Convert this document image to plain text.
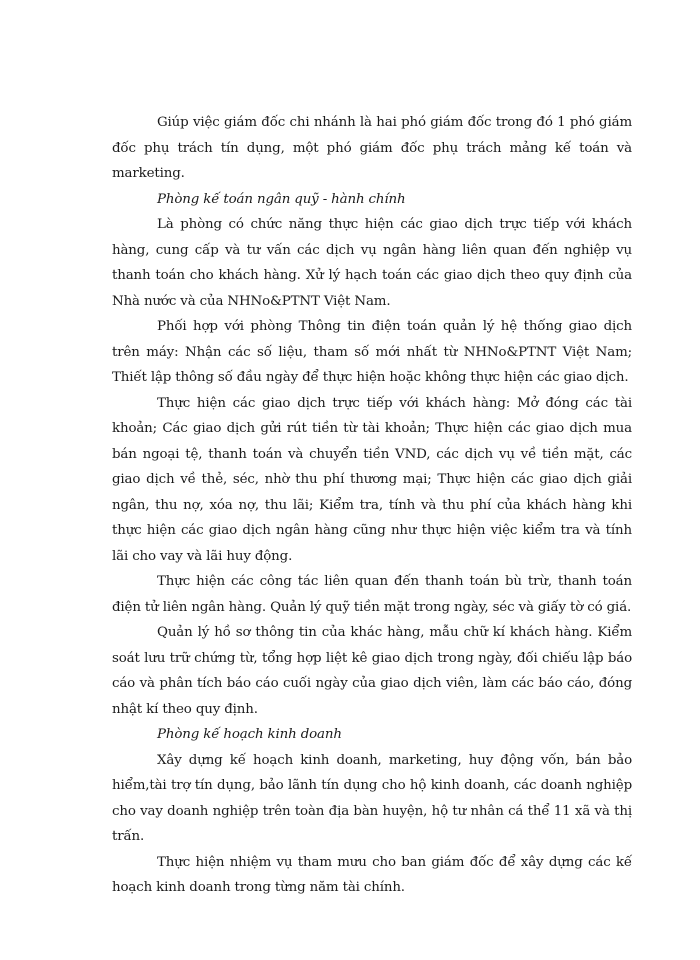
Giúp việc giám đốc chi nhánh là hai phó giám đốc trong đó 1 phó giám đốc phụ trách tín dụng, một phó giám đốc phụ trách mảng kế toán và marketing.

Phòng kế toán ngân quỹ - hành chính

Là phòng có chức năng thực hiện các giao dịch trực tiếp với khách hàng, cung cấp và tư vấn các dịch vụ ngân hàng liên quan đến nghiệp vụ thanh toán cho khách hàng. Xử lý hạch toán các giao dịch theo quy định của Nhà nước và của NHNo&PTNT Việt Nam.

Phối hợp với phòng Thông tin điện toán quản lý hệ thống giao dịch trên máy: Nhận các số liệu, tham số mới nhất từ NHNo&PTNT Việt Nam; Thiết lập thông số đầu ngày để thực hiện hoặc không thực hiện các giao dịch.

Thực hiện các giao dịch trực tiếp với khách hàng: Mở đóng các tài khoản; Các giao dịch gửi rút tiền từ tài khoản; Thực hiện các giao dịch mua bán ngoại tệ, thanh toán và chuyển tiền VND, các dịch vụ về tiền mặt, các giao dịch về thẻ, séc, nhờ thu phí thương mại; Thực hiện các giao dịch giải ngân, thu nợ, xóa nợ, thu lãi; Kiểm tra, tính và thu phí của khách hàng khi thực hiện các giao dịch ngân hàng cũng như thực hiện việc kiểm tra và tính lãi cho vay và lãi huy động.

Thực hiện các công tác liên quan đến thanh toán bù trừ, thanh toán điện tử liên ngân hàng. Quản lý quỹ tiền mặt trong ngày, séc và giấy tờ có giá.

Quản lý hồ sơ thông tin của khác hàng, mẫu chữ kí khách hàng. Kiểm soát lưu trữ chứng từ, tổng hợp liệt kê giao dịch trong ngày, đối chiếu lập báo cáo và phân tích báo cáo cuối ngày của giao dịch viên, làm các báo cáo, đóng nhật kí theo quy định.

Phòng kế hoạch kinh doanh

Xây dựng kế hoạch kinh doanh, marketing, huy động vốn, bán bảo hiểm,tài trợ tín dụng, bảo lãnh tín dụng cho hộ kinh doanh, các doanh nghiệp cho vay doanh nghiệp trên toàn địa bàn huyện, hộ tư nhân cá thể 11 xã và thị trấn.

Thực hiện nhiệm vụ tham mưu cho ban giám đốc để xây dựng các kế hoạch kinh doanh trong từng năm tài chính.
